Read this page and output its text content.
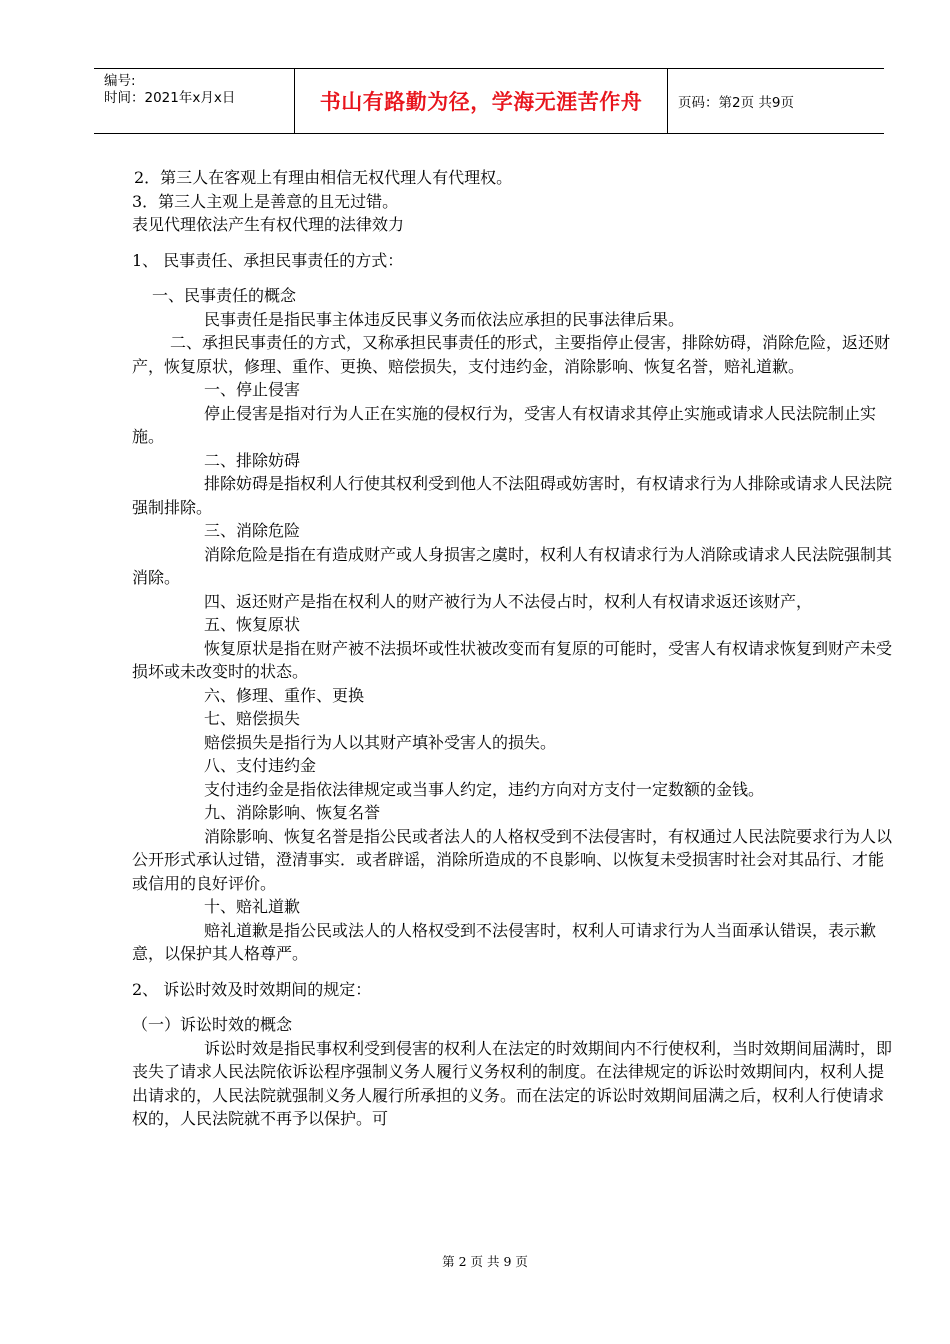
编号:
时间：2021年x月x日	书山有路勤为径，学海无涯苦作舟	页码：第2页 共9页

2．第三人在客观上有理由相信无权代理人有代理权。

3．第三人主观上是善意的且无过错。

表见代理依法产生有权代理的法律效力

1、 民事责任、承担民事责任的方式：

一、民事责任的概念

民事责任是指民事主体违反民事义务而依法应承担的民事法律后果。

二、承担民事责任的方式，又称承担民事责任的形式，主要指停止侵害，排除妨碍，消除危险，返还财产，恢复原状，修理、重作、更换、赔偿损失，支付违约金，消除影响、恢复名誉，赔礼道歉。

一、停止侵害

停止侵害是指对行为人正在实施的侵权行为，受害人有权请求其停止实施或请求人民法院制止实施。

二、排除妨碍

排除妨碍是指权利人行使其权利受到他人不法阻碍或妨害时，有权请求行为人排除或请求人民法院强制排除。

三、消除危险

消除危险是指在有造成财产或人身损害之虞时，权利人有权请求行为人消除或请求人民法院强制其消除。

四、返还财产是指在权利人的财产被行为人不法侵占时，权利人有权请求返还该财产，

五、恢复原状

恢复原状是指在财产被不法损坏或性状被改变而有复原的可能时，受害人有权请求恢复到财产未受损坏或未改变时的状态。

六、修理、重作、更换

七、赔偿损失

赔偿损失是指行为人以其财产填补受害人的损失。

八、支付违约金

支付违约金是指依法律规定或当事人约定，违约方向对方支付一定数额的金钱。

九、消除影响、恢复名誉

消除影响、恢复名誉是指公民或者法人的人格权受到不法侵害时，有权通过人民法院要求行为人以公开形式承认过错，澄清事实．或者辟谣，消除所造成的不良影响、以恢复未受损害时社会对其品行、才能或信用的良好评价。

十、赔礼道歉

赔礼道歉是指公民或法人的人格权受到不法侵害时，权利人可请求行为人当面承认错误，表示歉意，以保护其人格尊严。

2、 诉讼时效及时效期间的规定：

（一）诉讼时效的概念

诉讼时效是指民事权利受到侵害的权利人在法定的时效期间内不行使权利，当时效期间届满时，即丧失了请求人民法院依诉讼程序强制义务人履行义务权利的制度。在法律规定的诉讼时效期间内，权利人提出请求的，人民法院就强制义务人履行所承担的义务。而在法定的诉讼时效期间届满之后，权利人行使请求权的，人民法院就不再予以保护。可

第 2 页 共 9 页
